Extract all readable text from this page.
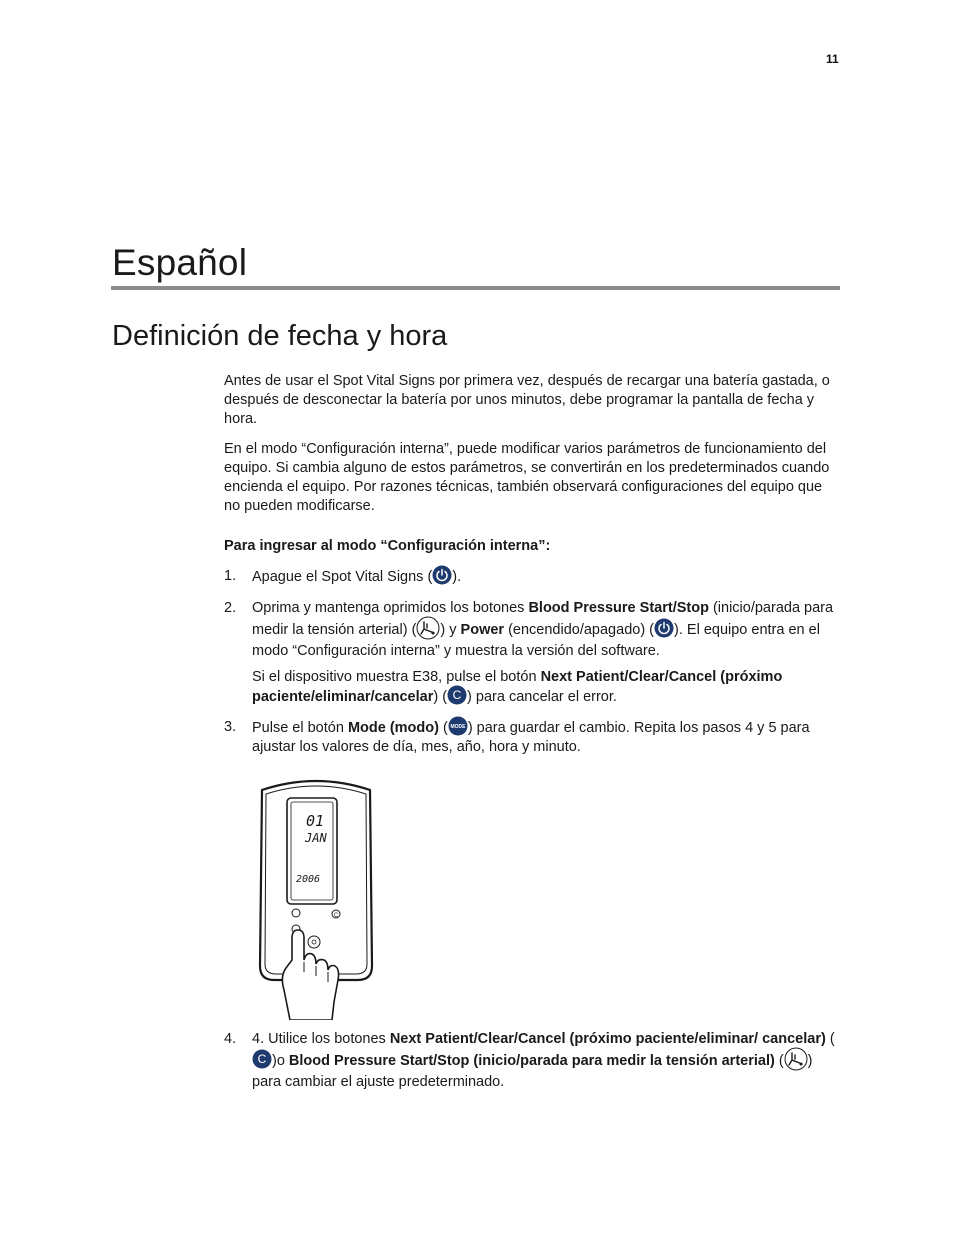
11
Español
Definición de fecha y hora

Antes de usar el Spot Vital Signs por primera vez, después de recargar una batería gastada, o después de desconectar la batería por unos minutos, debe programar la pantalla de fecha y hora.

En el modo “Configuración interna”, puede modificar varios parámetros de funcionamiento del equipo. Si cambia alguno de estos parámetros, se convertirán en los predeterminados cuando encienda el equipo. Por razones técnicas, también observará configuraciones del equipo que no pueden modificarse.

Para ingresar al modo “Configuración interna”:

1. Apague el Spot Vital Signs ( ).
2. Oprima y mantenga oprimidos los botones Blood Pressure Start/Stop (inicio/parada para medir la tensión arterial) ( ) y Power (encendido/apagado) ( ). El equipo entra en el modo “Configuración interna” y muestra la versión del software.
Si el dispositivo muestra E38, pulse el botón Next Patient/Clear/Cancel (próximo paciente/eliminar/cancelar) ( C ) para cancelar el error.
3. Pulse el botón Mode (modo) ( MODE ) para guardar el cambio. Repita los pasos 4 y 5 para ajustar los valores de día, mes, año, hora y minuto.
01
JAN
2006
C
4. 4. Utilice los botones Next Patient/Clear/Cancel (próximo paciente/eliminar/ cancelar) (
C )o Blood Pressure Start/Stop (inicio/parada para medir la tensión arterial) ( ) para cambiar el ajuste predeterminado.
